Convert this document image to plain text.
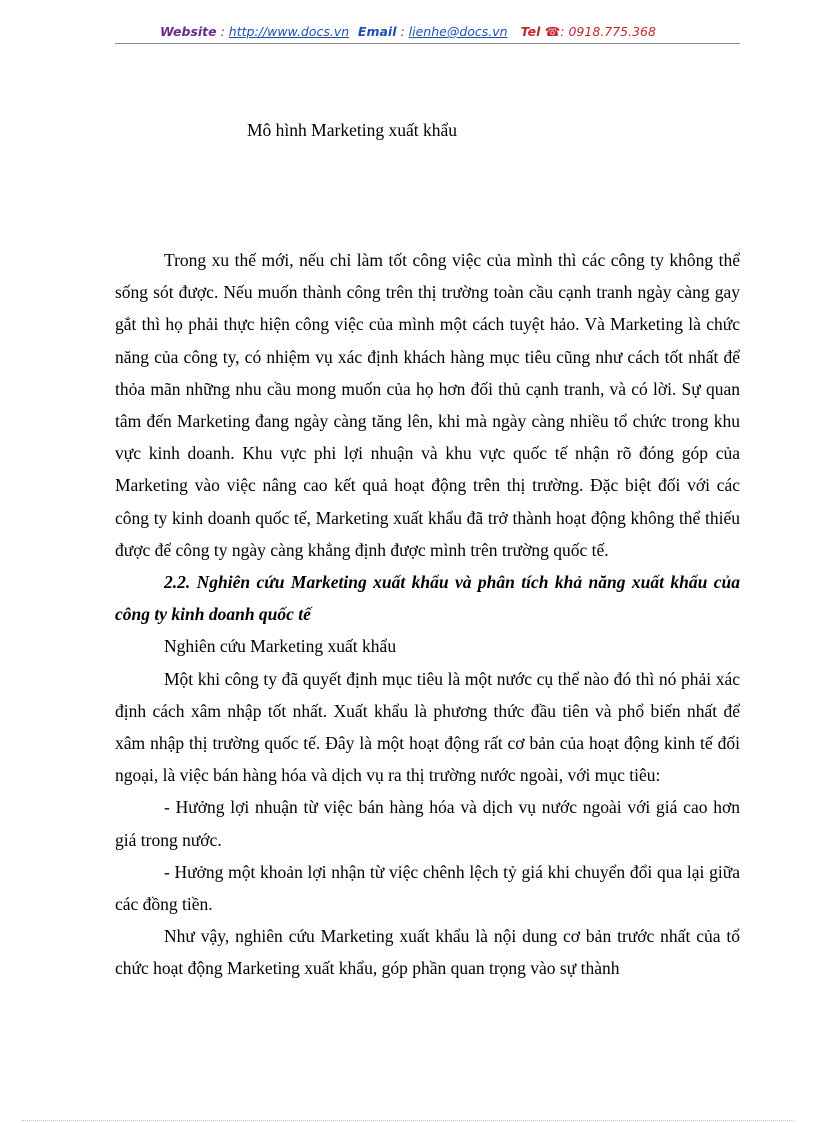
Website : http://www.docs.vn Email : lienhe@docs.vn Tel ☎: 0918.775.368
Mô hình Marketing xuất khẩu

Trong xu thế mới, nếu chỉ làm tốt công việc của mình thì các công ty không thể sống sót được. Nếu muốn thành công trên thị trường toàn cầu cạnh tranh ngày càng gay gắt thì họ phải thực hiện công việc của mình một cách tuyệt hảo. Và Marketing là chức năng của công ty, có nhiệm vụ xác định khách hàng mục tiêu cũng như cách tốt nhất để thỏa mãn những nhu cầu mong muốn của họ hơn đối thủ cạnh tranh, và có lời. Sự quan tâm đến Marketing đang ngày càng tăng lên, khi mà ngày càng nhiều tổ chức trong khu vực kinh doanh. Khu vực phi lợi nhuận và khu vực quốc tế nhận rõ đóng góp của Marketing vào việc nâng cao kết quả hoạt động trên thị trường. Đặc biệt đối với các công ty kinh doanh quốc tế, Marketing xuất khẩu đã trở thành hoạt động không thể thiếu được để công ty ngày càng khẳng định được mình trên trường quốc tế.

2.2. Nghiên cứu Marketing xuất khẩu và phân tích khả năng xuất khẩu của công ty kinh doanh quốc tế

Nghiên cứu Marketing xuất khẩu

Một khi công ty đã quyết định mục tiêu là một nước cụ thể nào đó thì nó phải xác định cách xâm nhập tốt nhất. Xuất khẩu là phương thức đầu tiên và phổ biến nhất để xâm nhập thị trường quốc tế. Đây là một hoạt động rất cơ bản của hoạt động kinh tế đối ngoại, là việc bán hàng hóa và dịch vụ ra thị trường nước ngoài, với mục tiêu:

- Hưởng lợi nhuận từ việc bán hàng hóa và dịch vụ nước ngoài với giá cao hơn giá trong nước.

- Hưởng một khoản lợi nhận từ việc chênh lệch tỷ giá khi chuyển đổi qua lại giữa các đồng tiền.

Như vậy, nghiên cứu Marketing xuất khẩu là nội dung cơ bản trước nhất của tổ chức hoạt động Marketing xuất khẩu, góp phần quan trọng vào sự thành
